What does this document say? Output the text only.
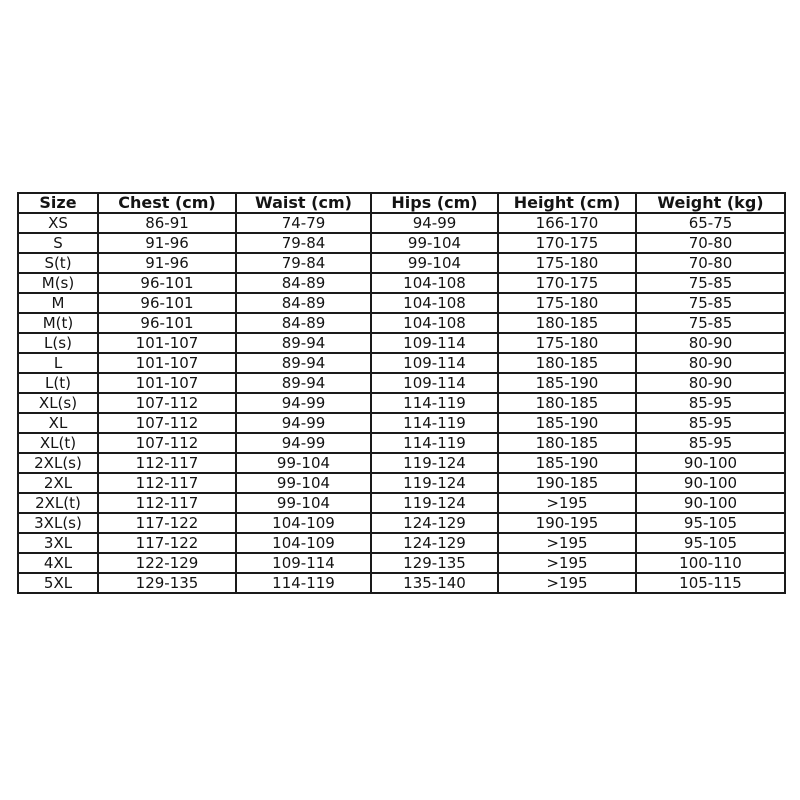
Size	Chest (cm)	Waist (cm)	Hips (cm)	Height (cm)	Weight (kg)
XS	86-91	74-79	94-99	166-170	65-75
S	91-96	79-84	99-104	170-175	70-80
S(t)	91-96	79-84	99-104	175-180	70-80
M(s)	96-101	84-89	104-108	170-175	75-85
M	96-101	84-89	104-108	175-180	75-85
M(t)	96-101	84-89	104-108	180-185	75-85
L(s)	101-107	89-94	109-114	175-180	80-90
L	101-107	89-94	109-114	180-185	80-90
L(t)	101-107	89-94	109-114	185-190	80-90
XL(s)	107-112	94-99	114-119	180-185	85-95
XL	107-112	94-99	114-119	185-190	85-95
XL(t)	107-112	94-99	114-119	180-185	85-95
2XL(s)	112-117	99-104	119-124	185-190	90-100
2XL	112-117	99-104	119-124	190-185	90-100
2XL(t)	112-117	99-104	119-124	>195	90-100
3XL(s)	117-122	104-109	124-129	190-195	95-105
3XL	117-122	104-109	124-129	>195	95-105
4XL	122-129	109-114	129-135	>195	100-110
5XL	129-135	114-119	135-140	>195	105-115
